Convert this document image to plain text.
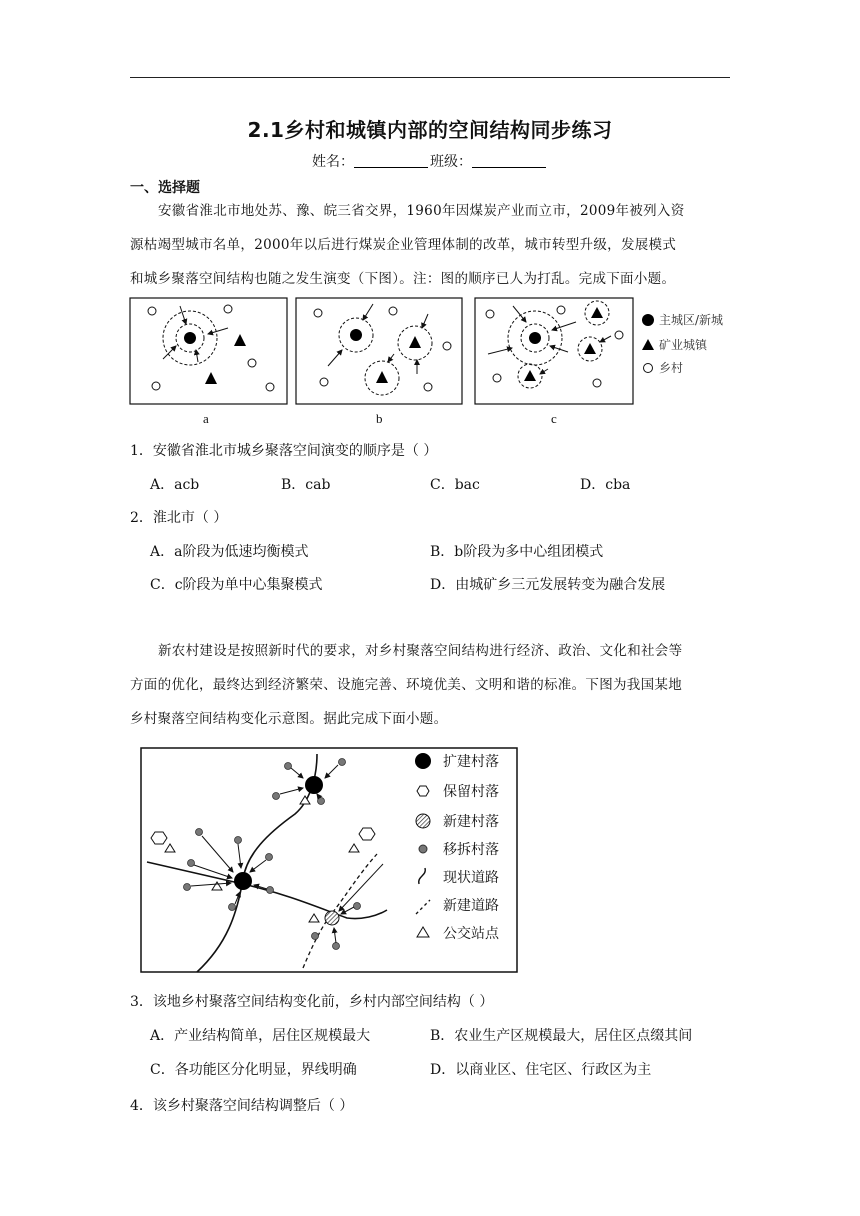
2.1乡村和城镇内部的空间结构同步练习
姓名：	班级：
一、选择题

安徽省淮北市地处苏、豫、皖三省交界，1960年因煤炭产业而立市，2009年被列入资

源枯竭型城市名单，2000年以后进行煤炭企业管理体制的改革，城市转型升级，发展模式

和城乡聚落空间结构也随之发生演变（下图）。注：图的顺序已人为打乱。完成下面小题。

主城区/新城
矿业城镇
乡村
a	b	c
1．安徽省淮北市城乡聚落空间演变的顺序是（ ）
A．acb	B．cab	C．bac	D．cba
2．淮北市（ ）
A．a阶段为低速均衡模式	B．b阶段为多中心组团模式
C．c阶段为单中心集聚模式	D．由城矿乡三元发展转变为融合发展

新农村建设是按照新时代的要求，对乡村聚落空间结构进行经济、政治、文化和社会等

方面的优化，最终达到经济繁荣、设施完善、环境优美、文明和谐的标准。下图为我国某地

乡村聚落空间结构变化示意图。据此完成下面小题。

扩建村落
保留村落
新建村落
移拆村落
现状道路
新建道路
公交站点
3．该地乡村聚落空间结构变化前，乡村内部空间结构（ ）
A．产业结构简单，居住区规模最大	B．农业生产区规模最大，居住区点缀其间
C．各功能区分化明显，界线明确	D．以商业区、住宅区、行政区为主
4．该乡村聚落空间结构调整后（ ）
